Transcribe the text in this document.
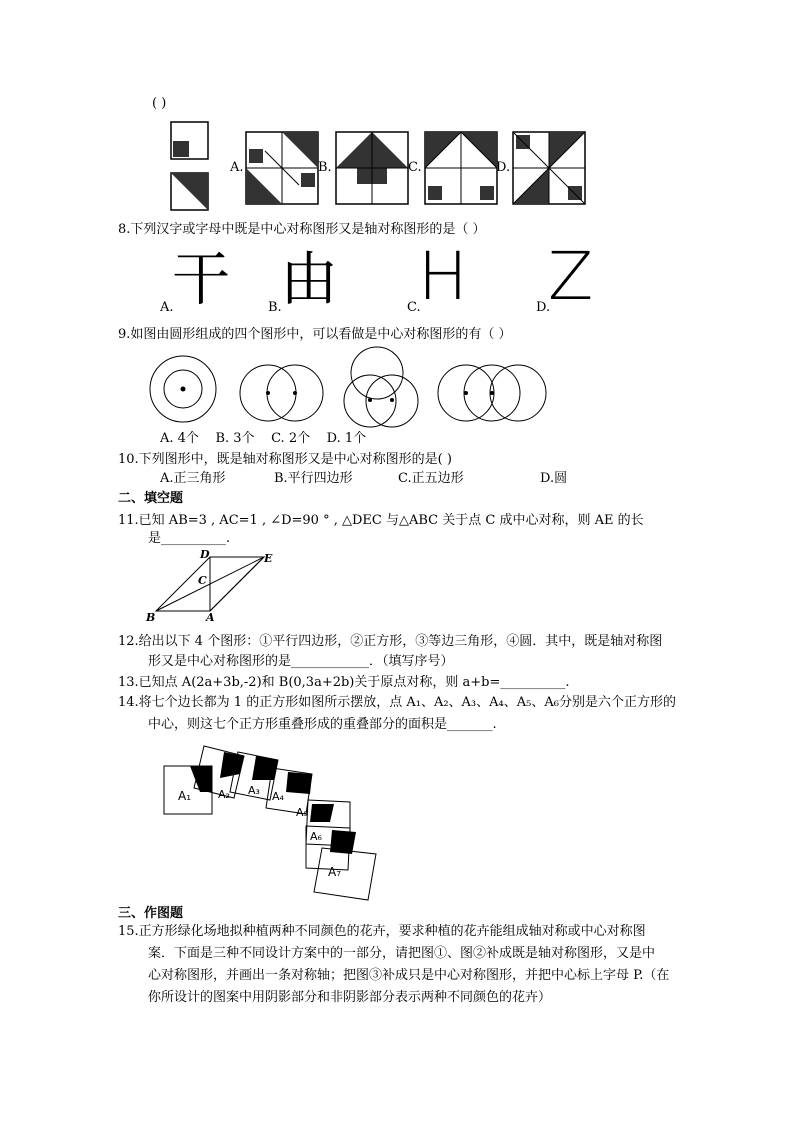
( )
A.	B.	C.	D.
8.下列汉字或字母中既是中心对称图形又是轴对称图形的是（ ）
A.
干	B.
由	C.
H	D.
Z
9.如图由圆形组成的四个图形中，可以看做是中心对称图形的有（ ）
A. 4个    B. 3个    C. 2个    D. 1个
10.下列图形中，既是轴对称图形又是中心对称图形的是( )
A.正三角形	B.平行四边形	C.正五边形	D.圆
二、填空题
11.已知 AB=3 , AC=1 , ∠D=90 ° , △DEC 与△ABC 关于点 C 成中心对称，则 AE 的长
是__________.
D	E
C
B	A
12.给出以下 4 个图形：①平行四边形，②正方形，③等边三角形，④圆．其中，既是轴对称图
形又是中心对称图形的是____________．（填写序号）
13.已知点 A(2a+3b,-2)和 B(0,3a+2b)关于原点对称，则 a+b=__________.
14.将七个边长都为 1 的正方形如图所示摆放，点 A₁、A₂、A₃、A₄、A₅、A₆分别是六个正方形的
中心，则这七个正方形重叠形成的重叠部分的面积是_______.
A₁ A₂ A₃ A₄
A₅
A₆
A₇
三、作图题
15.正方形绿化场地拟种植两种不同颜色的花卉，要求种植的花卉能组成轴对称或中心对称图
案．下面是三种不同设计方案中的一部分，请把图①、图②补成既是轴对称图形，又是中
心对称图形，并画出一条对称轴；把图③补成只是中心对称图形，并把中心标上字母 P.（在
你所设计的图案中用阴影部分和非阴影部分表示两种不同颜色的花卉）
